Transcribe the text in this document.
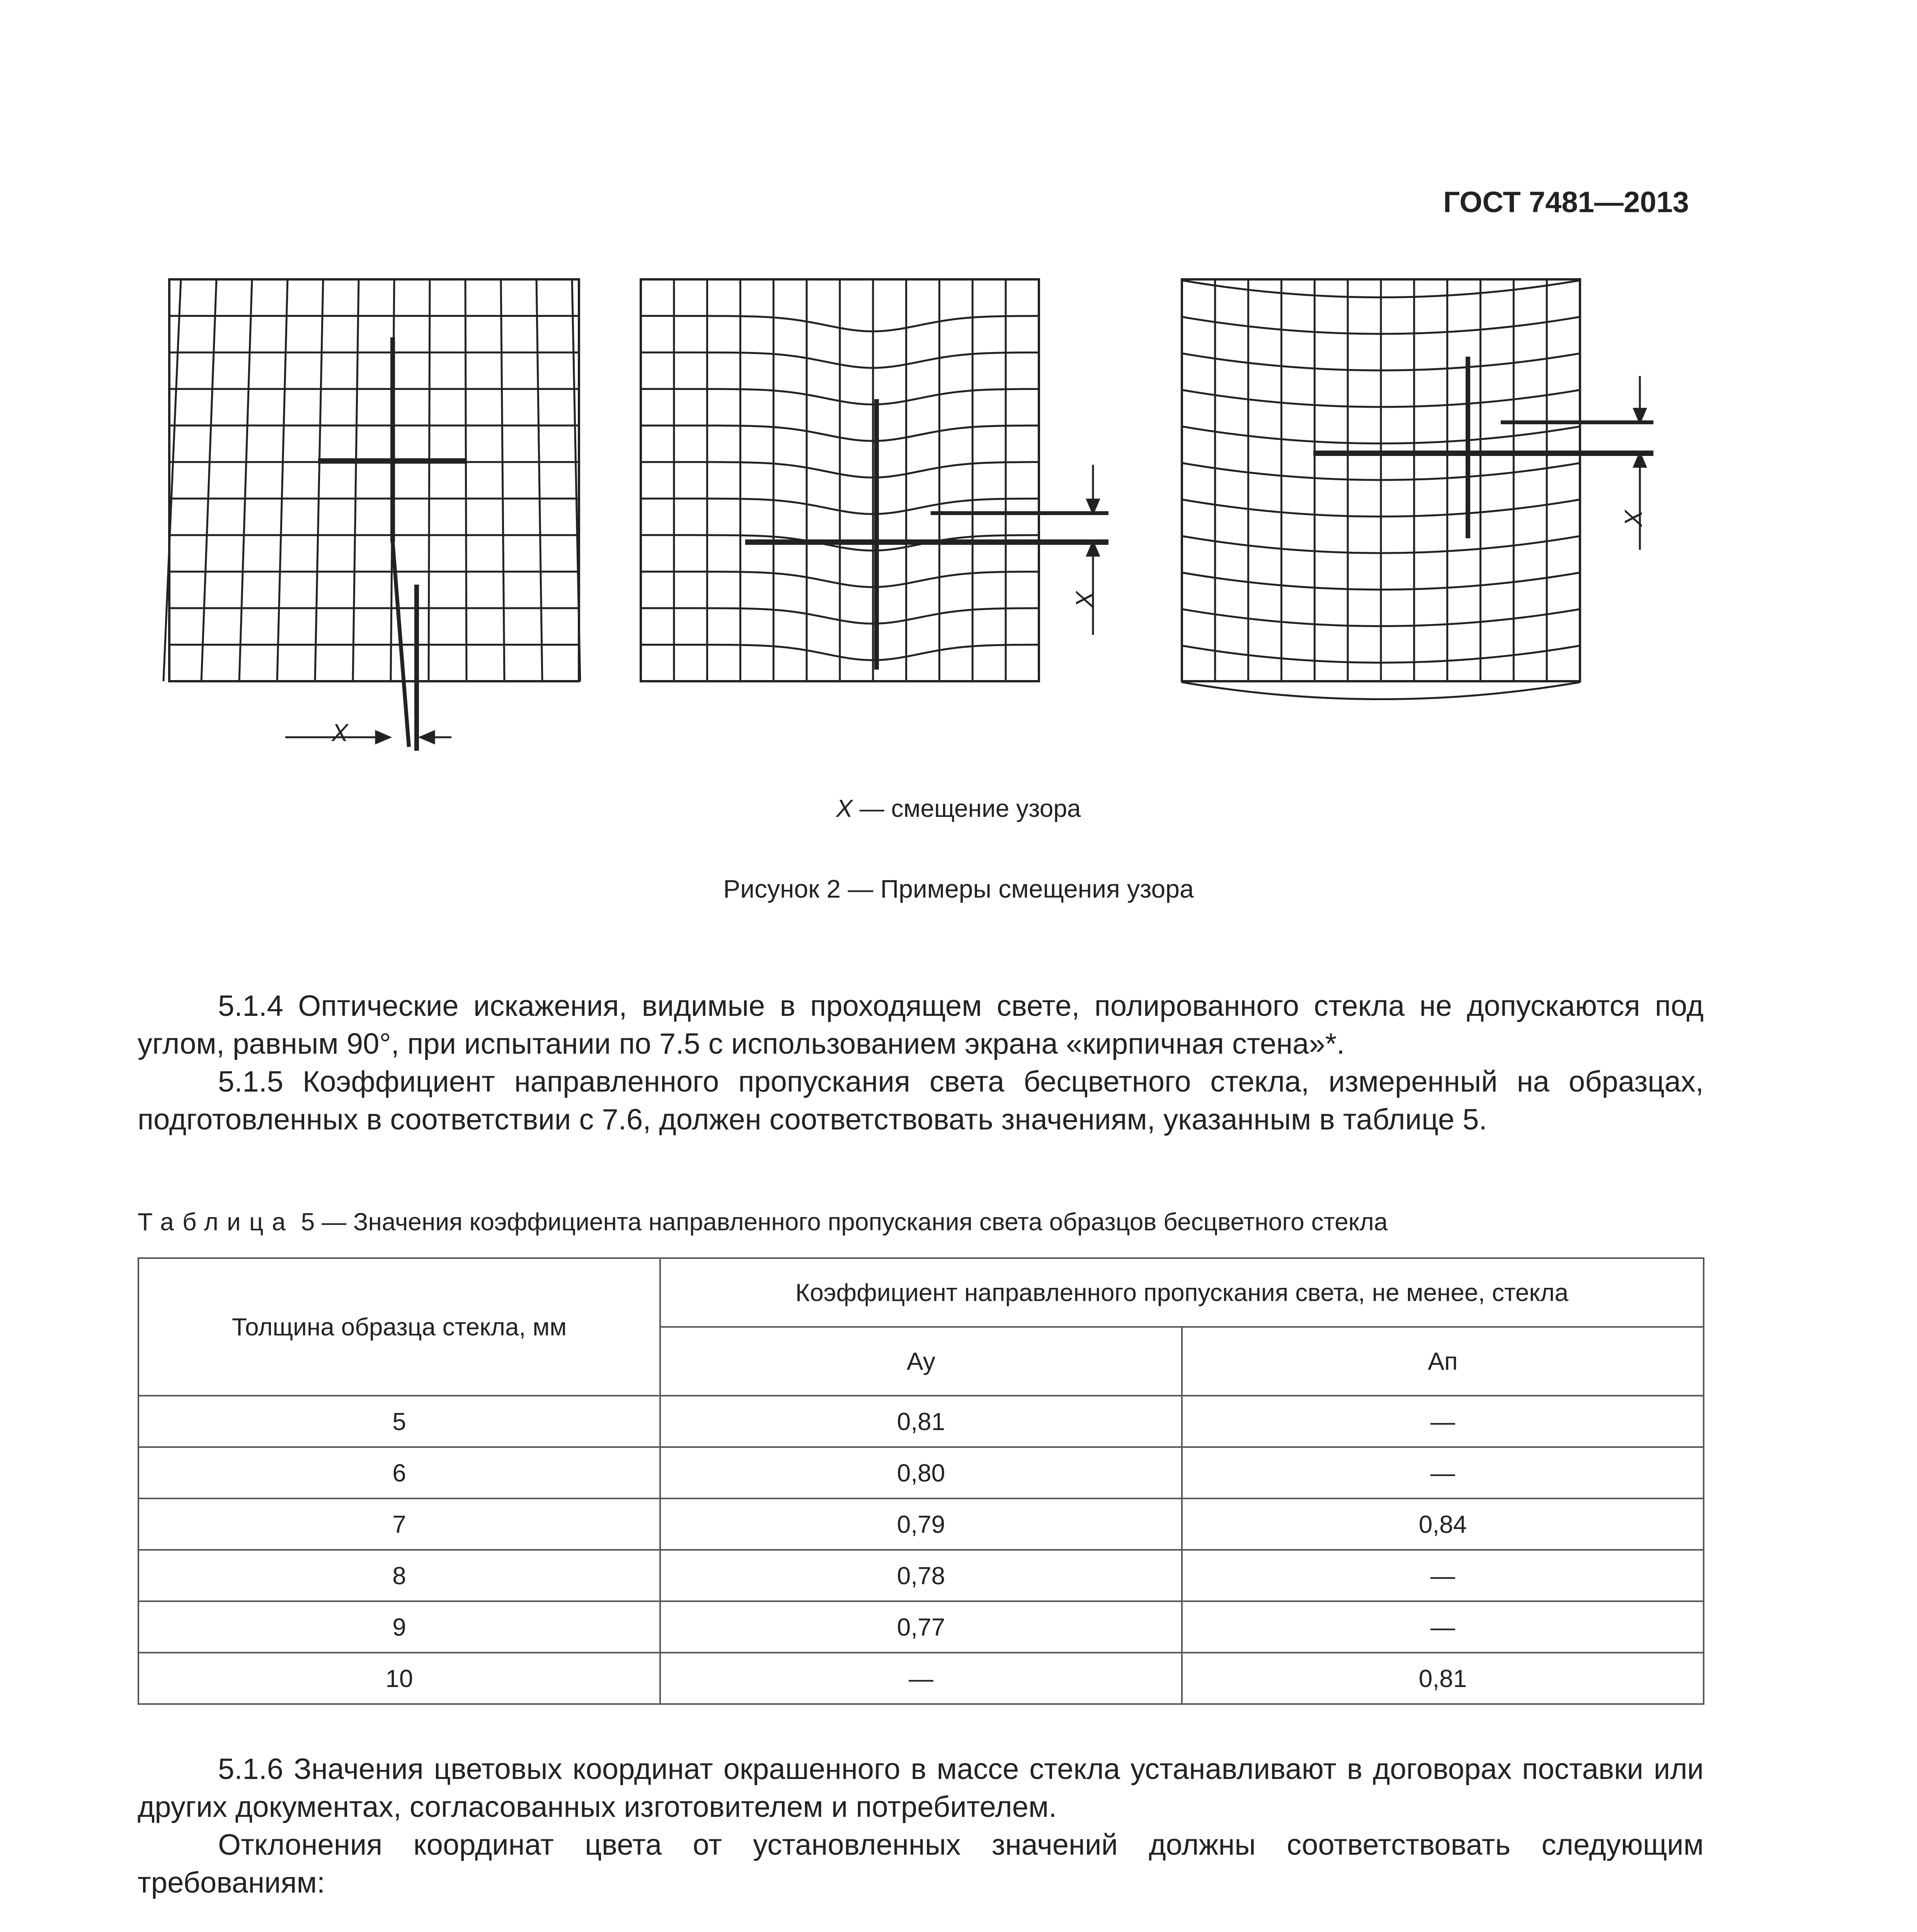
ГОСТ 7481—2013
X
X
X
X — смещение узора
Рисунок 2 — Примеры смещения узора

5.1.4 Оптические искажения, видимые в проходящем свете, полированного стекла не допускаются под углом, равным 90°, при испытании по 7.5 с использованием экрана «кирпичная стена»*.

5.1.5 Коэффициент направленного пропускания света бесцветного стекла, измеренный на образцах, подготовленных в соответствии с 7.6, должен соответствовать значениям, указанным в таблице 5.

Таблица 5 — Значения коэффициента направленного пропускания света образцов бесцветного стекла
Толщина образца стекла, мм	Коэффициент направленного пропускания света, не менее, стекла	
	Ау	Ап
5	0,81	—
6	0,80	—
7	0,79	0,84
8	0,78	—
9	0,77	—
10	—	0,81

5.1.6 Значения цветовых координат окрашенного в массе стекла устанавливают в договорах поставки или других документах, согласованных изготовителем и потребителем.

Отклонения координат цвета от установленных значений должны соответствовать следующим требованиям:
